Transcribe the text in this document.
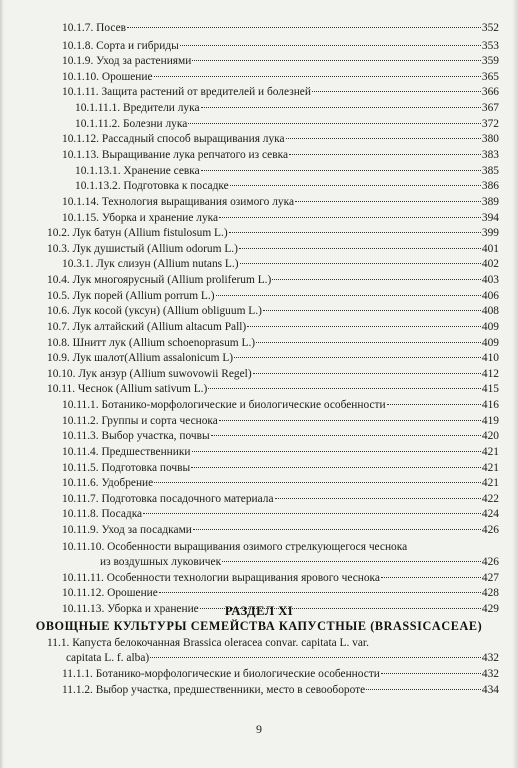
10.1.7. Посев	352
10.1.8. Сорта и гибриды	353
10.1.9. Уход за растениями	359
10.1.10. Орошение	365
10.1.11. Защита растений от вредителей и болезней	366
10.1.11.1. Вредители лука	367
10.1.11.2. Болезни лука	372
10.1.12. Рассадный способ выращивания лука	380
10.1.13. Выращивание лука репчатого из севка	383
10.1.13.1. Хранение севка	385
10.1.13.2. Подготовка к посадке	386
10.1.14. Технология выращивания озимого лука	389
10.1.15. Уборка и хранение лука	394
10.2. Лук батун (Allium fistulosum L.)	399
10.3. Лук душистый (Allium odorum L.)	401
10.3.1. Лук слизун (Allium nutans L.)	402
10.4. Лук многоярусный (Allium proliferum L.)	403
10.5. Лук порей (Allium porrum L.)	406
10.6. Лук косой (уксун) (Allium obliguum L.)	408
10.7. Лук алтайский (Allium altacum Pall)	409
10.8. Шнитт лук (Allium schoenoprasum L.)	409
10.9. Лук шалот(Allium assalonicum L)	410
10.10. Лук анзур (Allium suwovowii Regel)	412
10.11. Чеснок (Allium sativum L.)	415
10.11.1. Ботанико-морфологические и биологические особенности	416
10.11.2. Группы и сорта чеснока	419
10.11.3. Выбор участка, почвы	420
10.11.4. Предшественники	421
10.11.5. Подготовка почвы	421
10.11.6. Удобрение	421
10.11.7. Подготовка посадочного материала	422
10.11.8. Посадка	424
10.11.9. Уход за посадками	426
10.11.10. Особенности выращивания озимого стрелкующегося чеснока
из воздушных луковичек	426
10.11.11. Особенности технологии выращивания ярового чеснока	427
10.11.12. Орошение	428
10.11.13. Уборка и хранение	429
РАЗДЕЛ XI
ОВОЩНЫЕ КУЛЬТУРЫ СЕМЕЙСТВА КАПУСТНЫЕ (BRASSICACEAE)
11.1. Капуста белокочанная Brassica oleracea convar. capitata L. var.
capitata L. f. alba)	432
11.1.1. Ботанико-морфологические и биологические особенности	432
11.1.2. Выбор участка, предшественники, место в севообороте	434
9
